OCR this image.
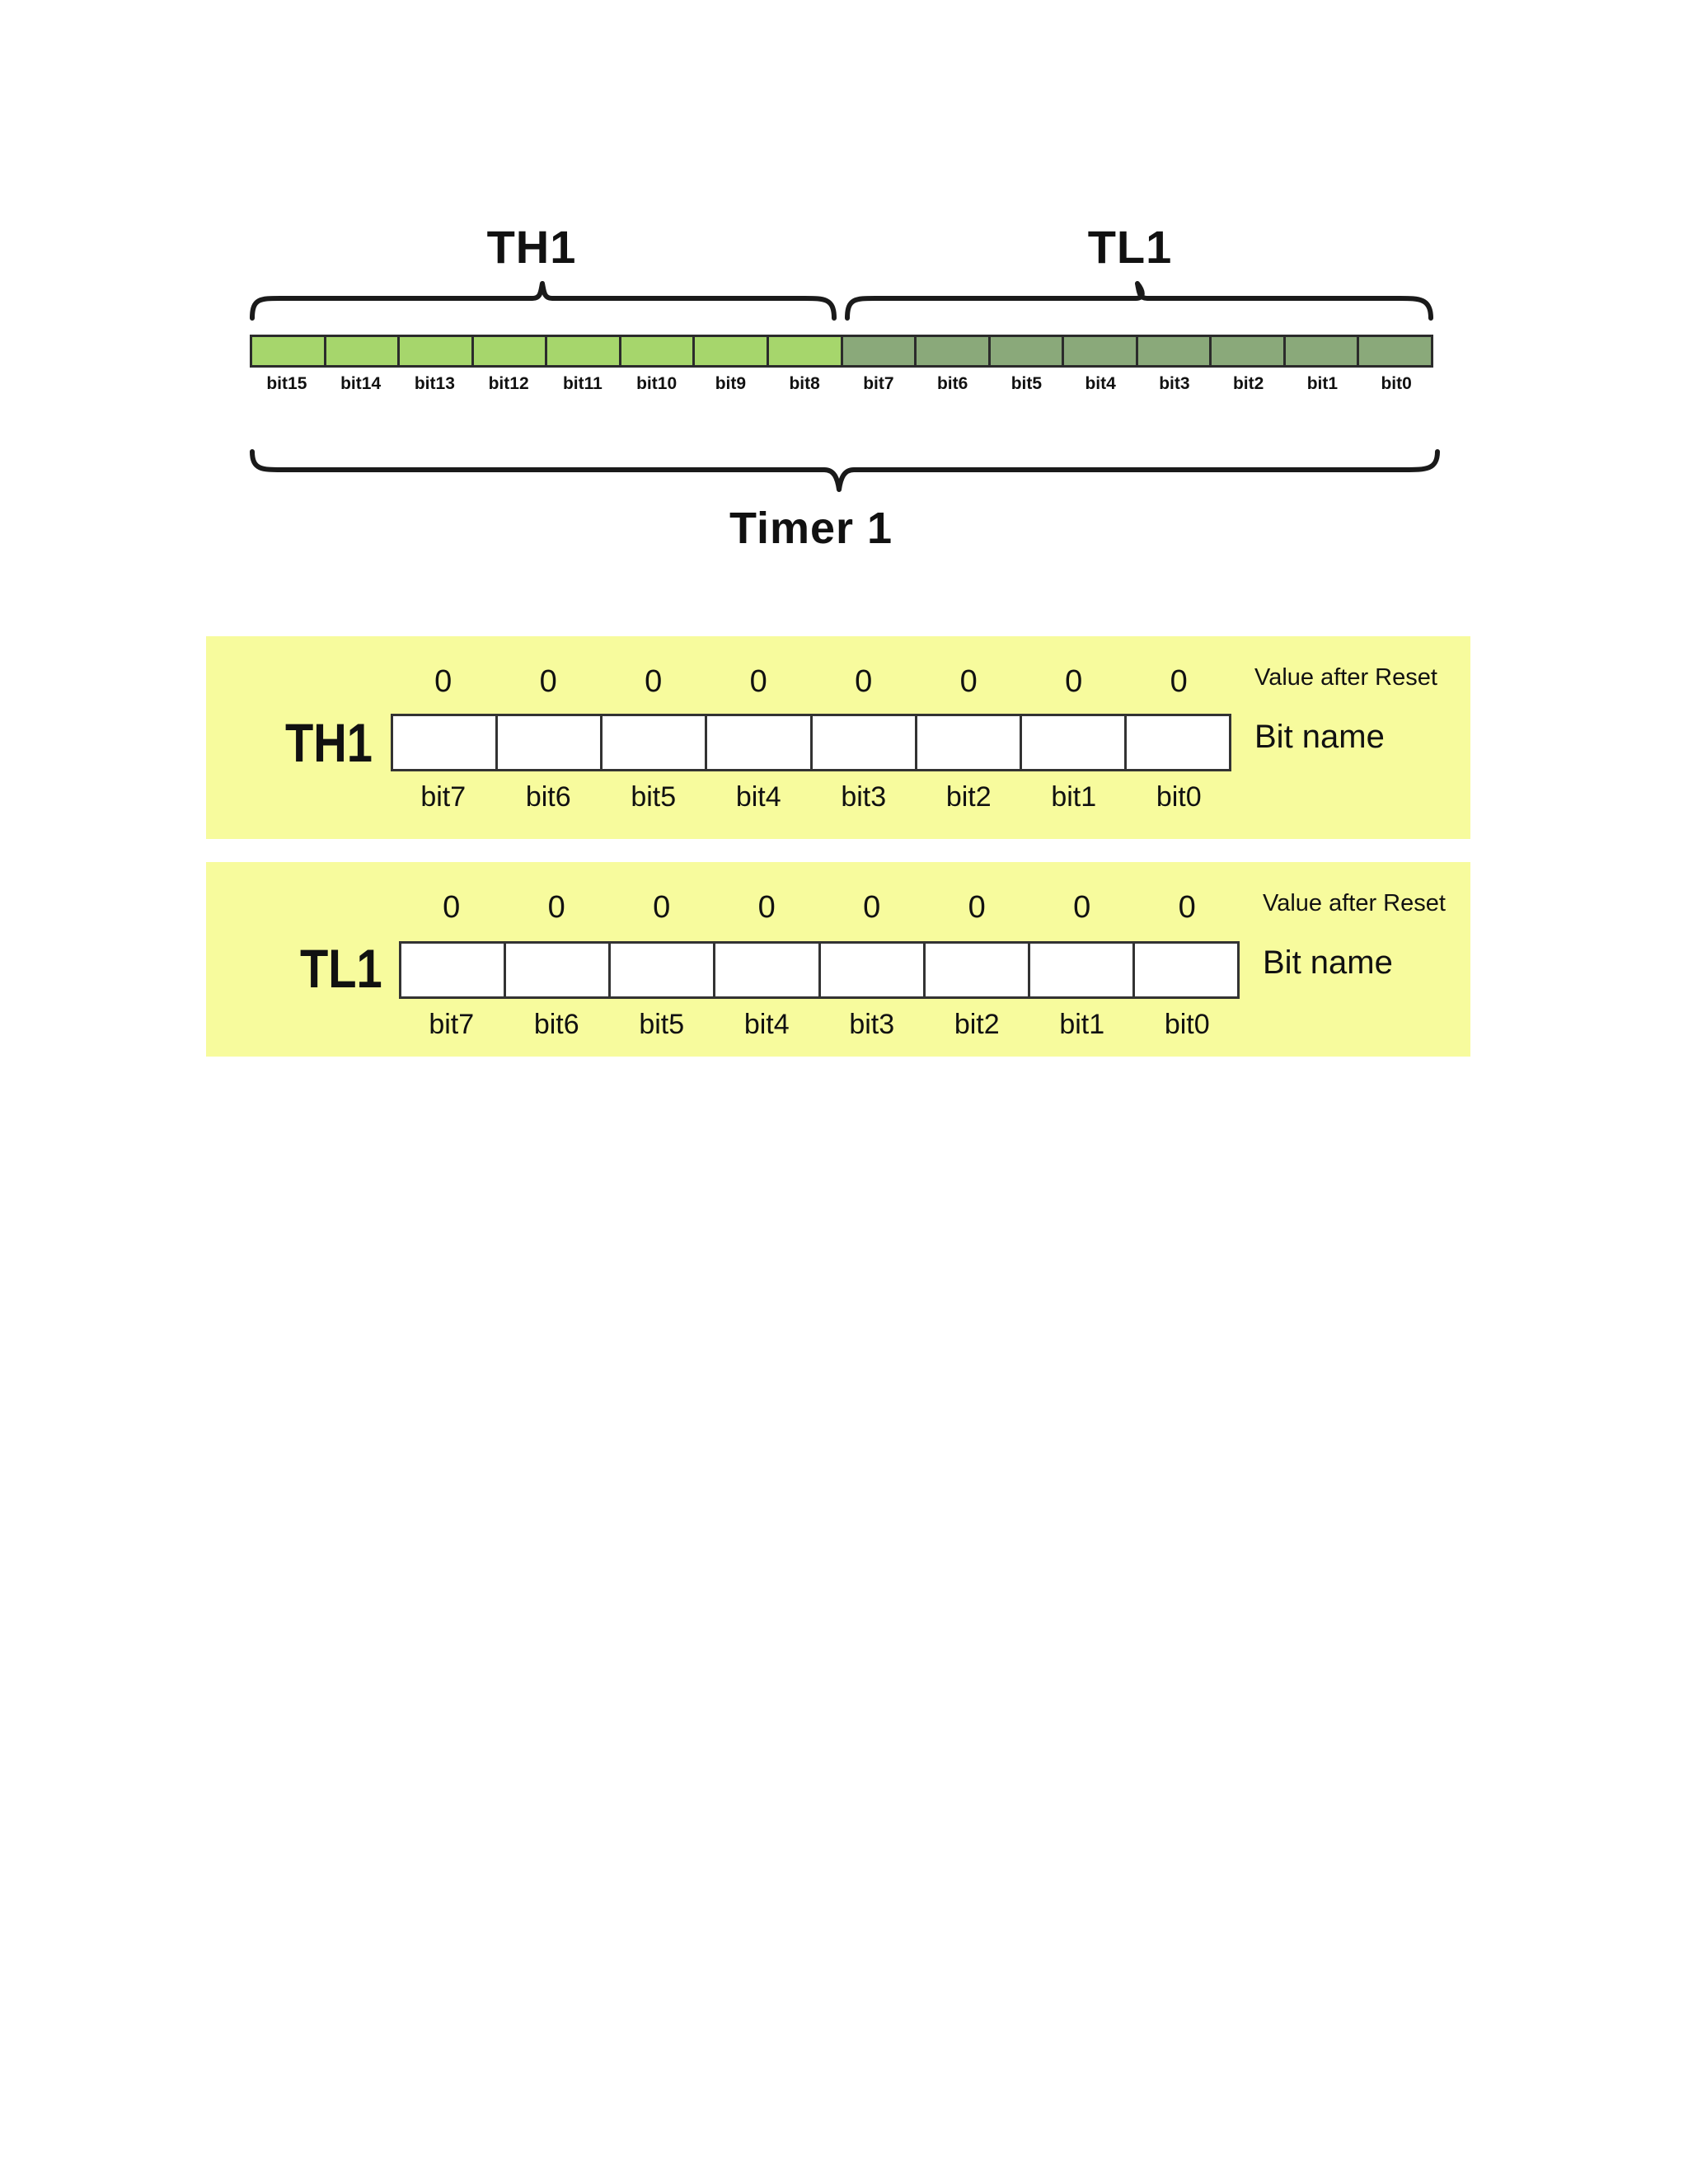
TH1	TL1
bit15	bit14	bit13	bit12	bit11	bit10	bit9	bit8	bit7	bit6	bit5	bit4	bit3	bit2	bit1	bit0
Timer 1
TH1
0	0	0	0	0	0	0	0
bit7	bit6	bit5	bit4	bit3	bit2	bit1	bit0
Value after Reset
Bit name
TL1
0	0	0	0	0	0	0	0
bit7	bit6	bit5	bit4	bit3	bit2	bit1	bit0
Value after Reset
Bit name
